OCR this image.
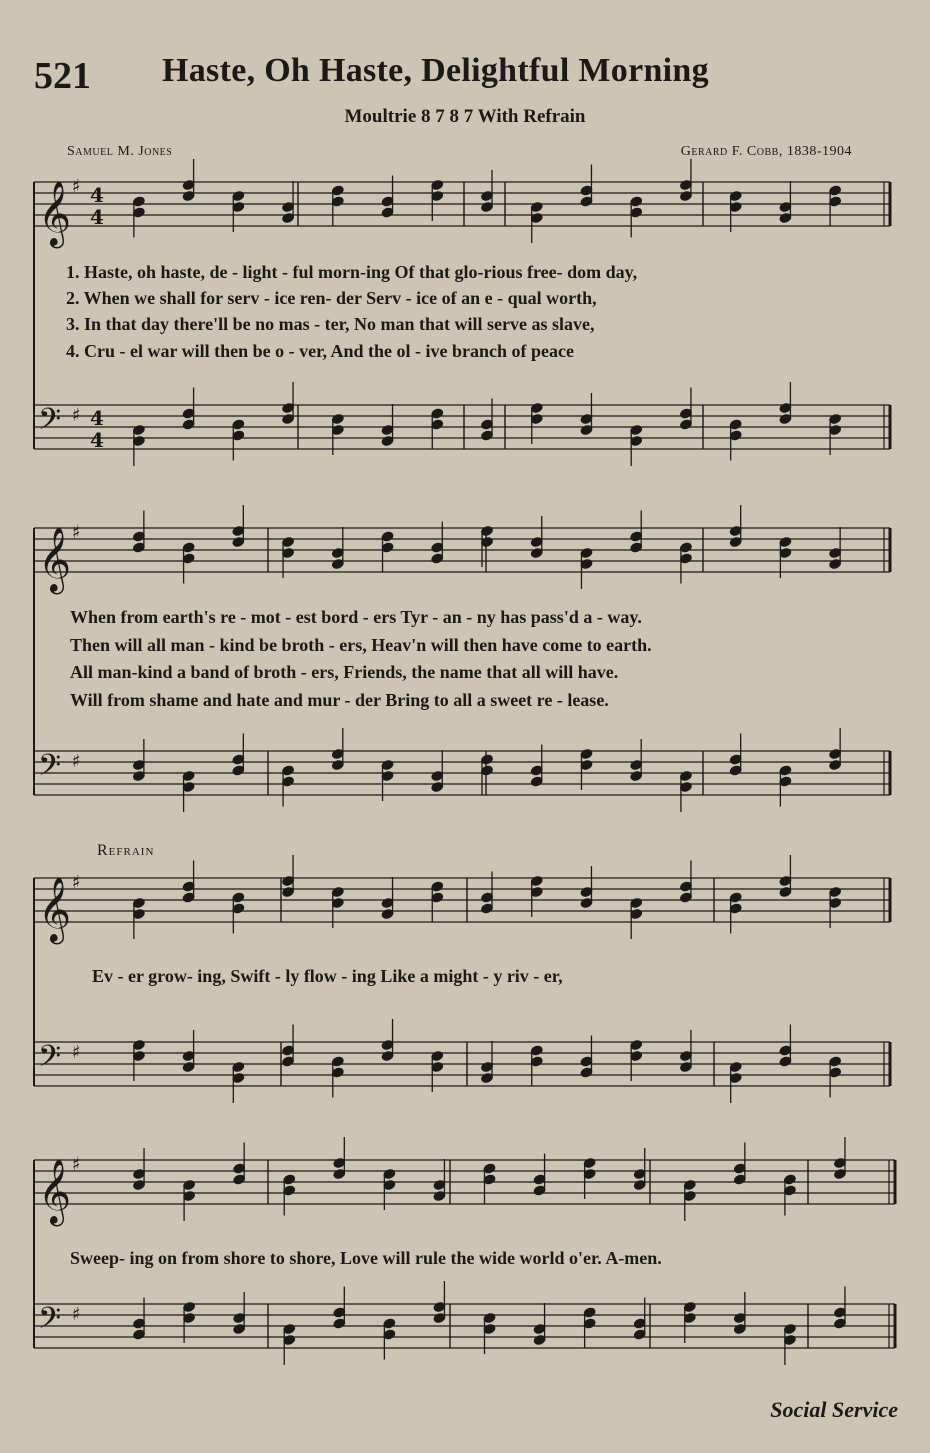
521 Haste, Oh Haste, Delightful Morning
Moultrie 8 7 8 7 With Refrain
Samuel M. Jones	Gerard F. Cobb, 1838-1904
𝄞 ♯
𝄢 ♯
4
4
4
4
𝄞 ♯
𝄢 ♯
𝄞 ♯
𝄢 ♯
𝄞 ♯
𝄢 ♯
1. Haste, oh haste, de - light - ful morn-ing Of that glo-rious free- dom day,
2. When we shall for serv - ice ren- der Serv - ice of an e - qual worth,
3. In that day there'll be no mas - ter, No man that will serve as slave,
4. Cru - el war will then be o - ver, And the ol - ive branch of peace
When from earth's re - mot - est bord - ers Tyr - an - ny has pass'd a - way.
Then will all man - kind be broth - ers, Heav'n will then have come to earth.
All man-kind a band of broth - ers, Friends, the name that all will have.
Will from shame and hate and mur - der Bring to all a sweet re - lease.
Refrain
Ev - er grow- ing, Swift - ly flow - ing Like a might - y riv - er,
Sweep- ing on from shore to shore, Love will rule the wide world o'er. A-men.
Social Service
